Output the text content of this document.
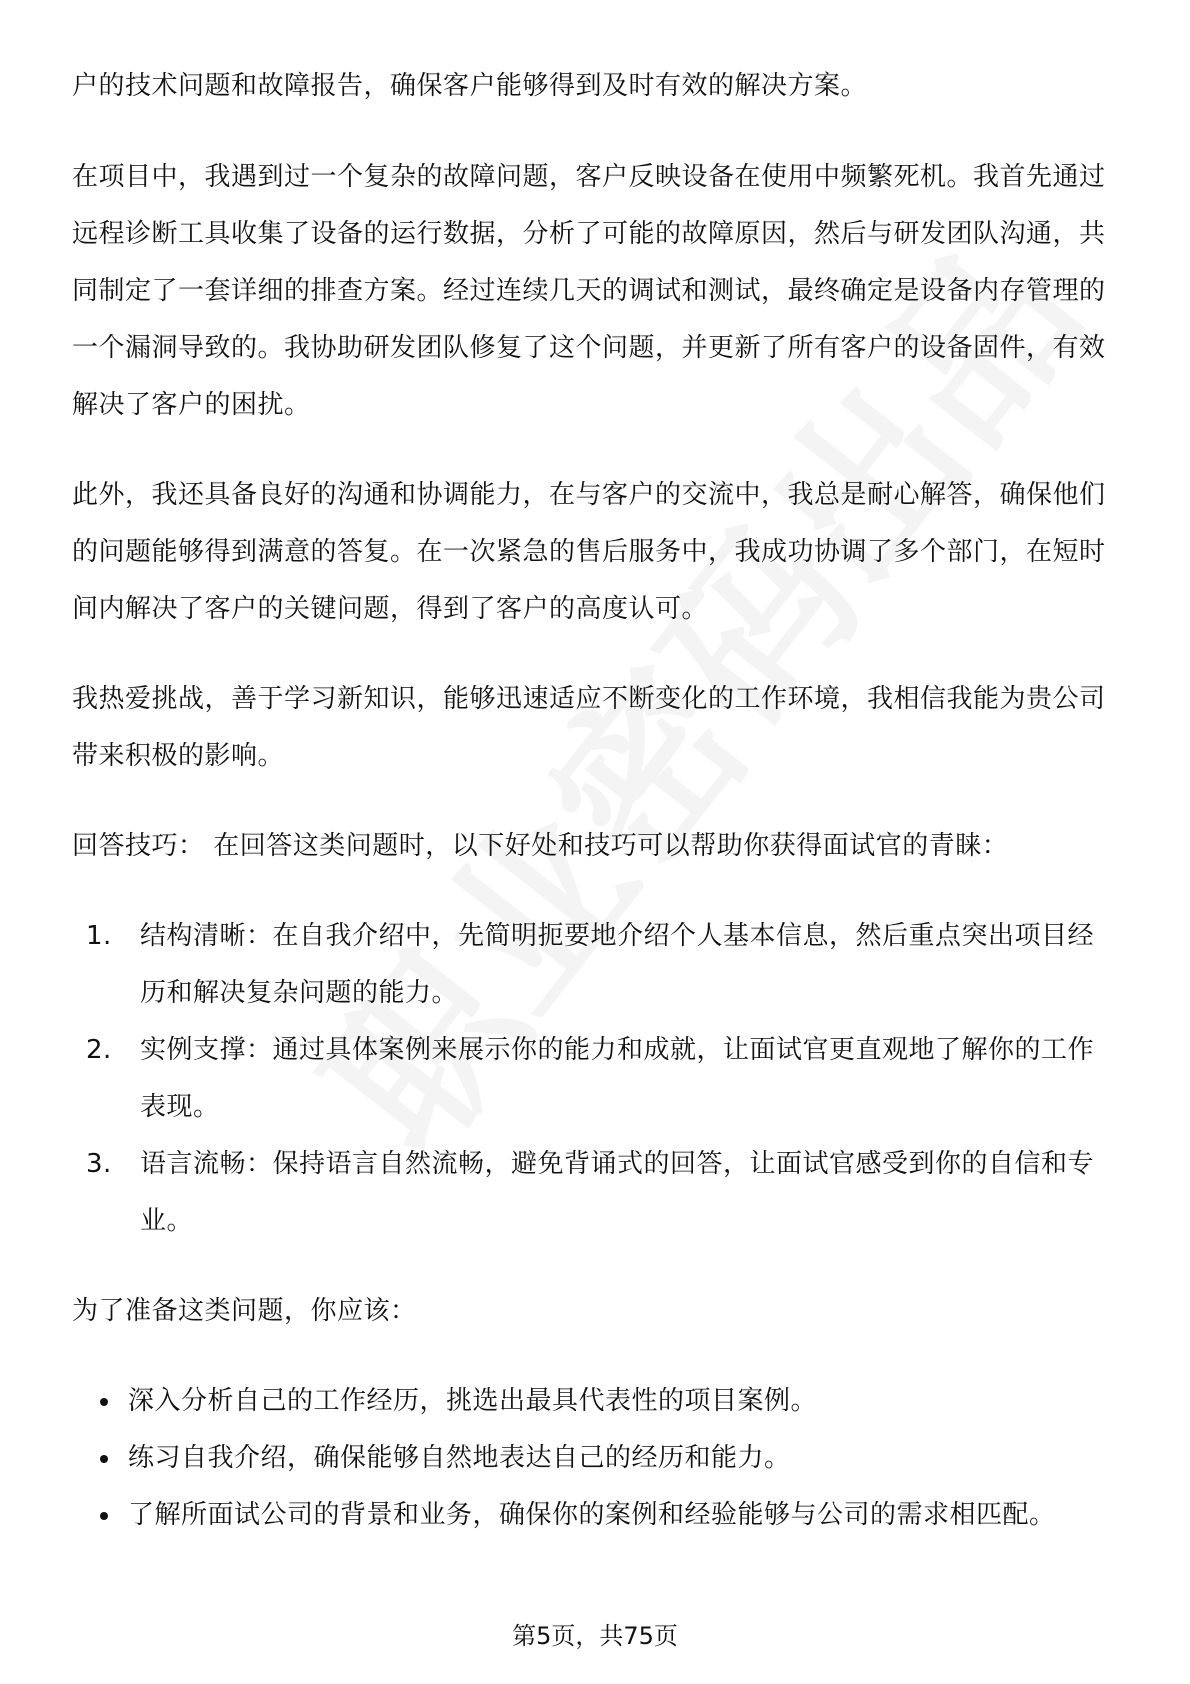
户的技术问题和故障报告，确保客户能够得到及时有效的解决方案。

在项目中，我遇到过一个复杂的故障问题，客户反映设备在使用中频繁死机。我首先通过远程诊断工具收集了设备的运行数据，分析了可能的故障原因，然后与研发团队沟通，共同制定了一套详细的排查方案。经过连续几天的调试和测试，最终确定是设备内存管理的一个漏洞导致的。我协助研发团队修复了这个问题，并更新了所有客户的设备固件，有效解决了客户的困扰。

此外，我还具备良好的沟通和协调能力，在与客户的交流中，我总是耐心解答，确保他们的问题能够得到满意的答复。在一次紧急的售后服务中，我成功协调了多个部门，在短时间内解决了客户的关键问题，得到了客户的高度认可。

我热爱挑战，善于学习新知识，能够迅速适应不断变化的工作环境，我相信我能为贵公司带来积极的影响。

回答技巧： 在回答这类问题时，以下好处和技巧可以帮助你获得面试官的青睐：

1.	结构清晰：在自我介绍中，先简明扼要地介绍个人基本信息，然后重点突出项目经历和解决复杂问题的能力。
2.	实例支撑：通过具体案例来展示你的能力和成就，让面试官更直观地了解你的工作表现。
3.	语言流畅：保持语言自然流畅，避免背诵式的回答，让面试官感受到你的自信和专业。

为了准备这类问题，你应该：

深入分析自己的工作经历，挑选出最具代表性的项目案例。
练习自我介绍，确保能够自然地表达自己的经历和能力。
了解所面试公司的背景和业务，确保你的案例和经验能够与公司的需求相匹配。
第5页，共75页
